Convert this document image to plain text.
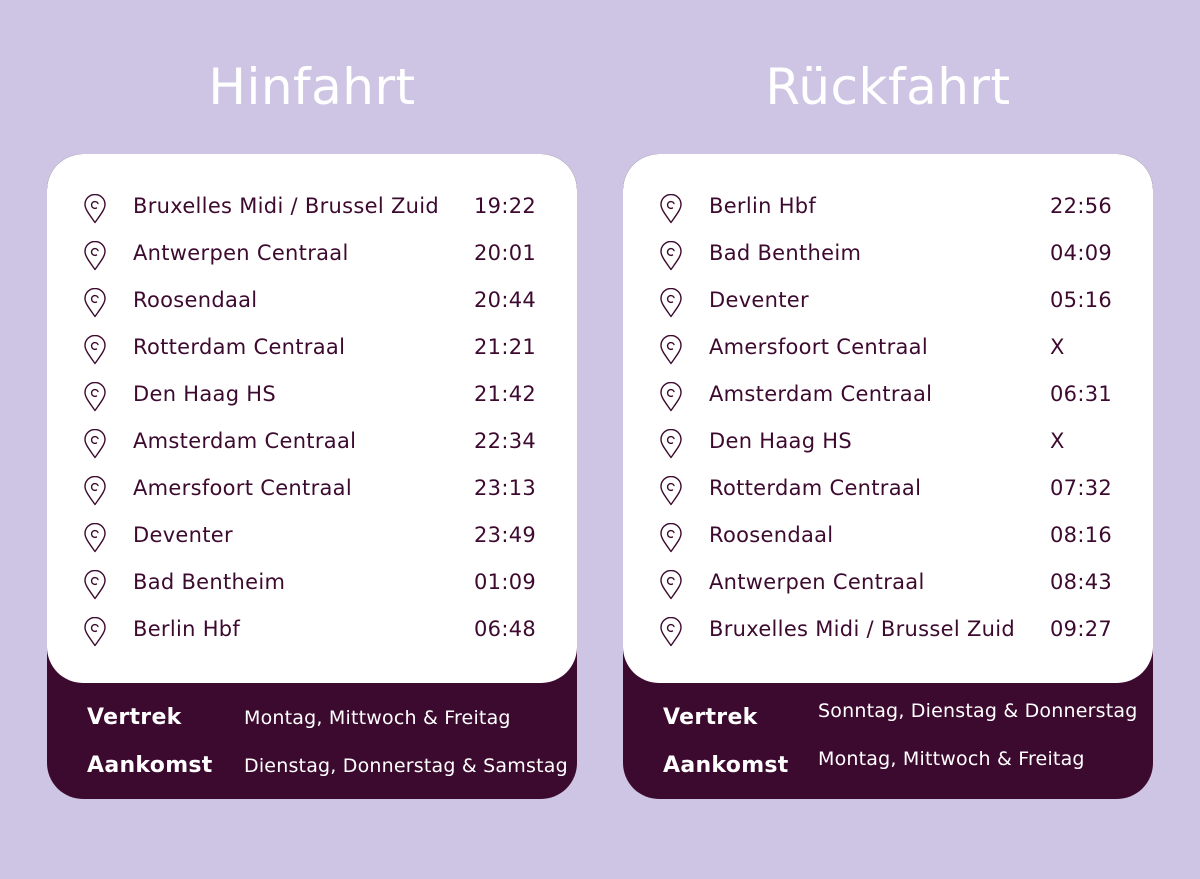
Hinfahrt
Bruxelles Midi / Brussel Zuid 19:22
Antwerpen Centraal	20:01
Roosendaal	20:44
Rotterdam Centraal	21:21
Den Haag HS	21:42
Amsterdam Centraal	22:34
Amersfoort Centraal	23:13
Deventer	23:49
Bad Bentheim	01:09
Berlin Hbf	06:48
Vertrek	Montag, Mittwoch & Freitag
Aankomst Dienstag, Donnerstag & Samstag
Rückfahrt
Berlin Hbf	22:56
Bad Bentheim	04:09
Deventer	05:16
Amersfoort Centraal	X
Amsterdam Centraal	06:31
Den Haag HS	X
Rotterdam Centraal	07:32
Roosendaal	08:16
Antwerpen Centraal	08:43
Bruxelles Midi / Brussel Zuid 09:27
Vertrek	Sonntag, Dienstag & Donnerstag
Aankomst Montag, Mittwoch & Freitag
